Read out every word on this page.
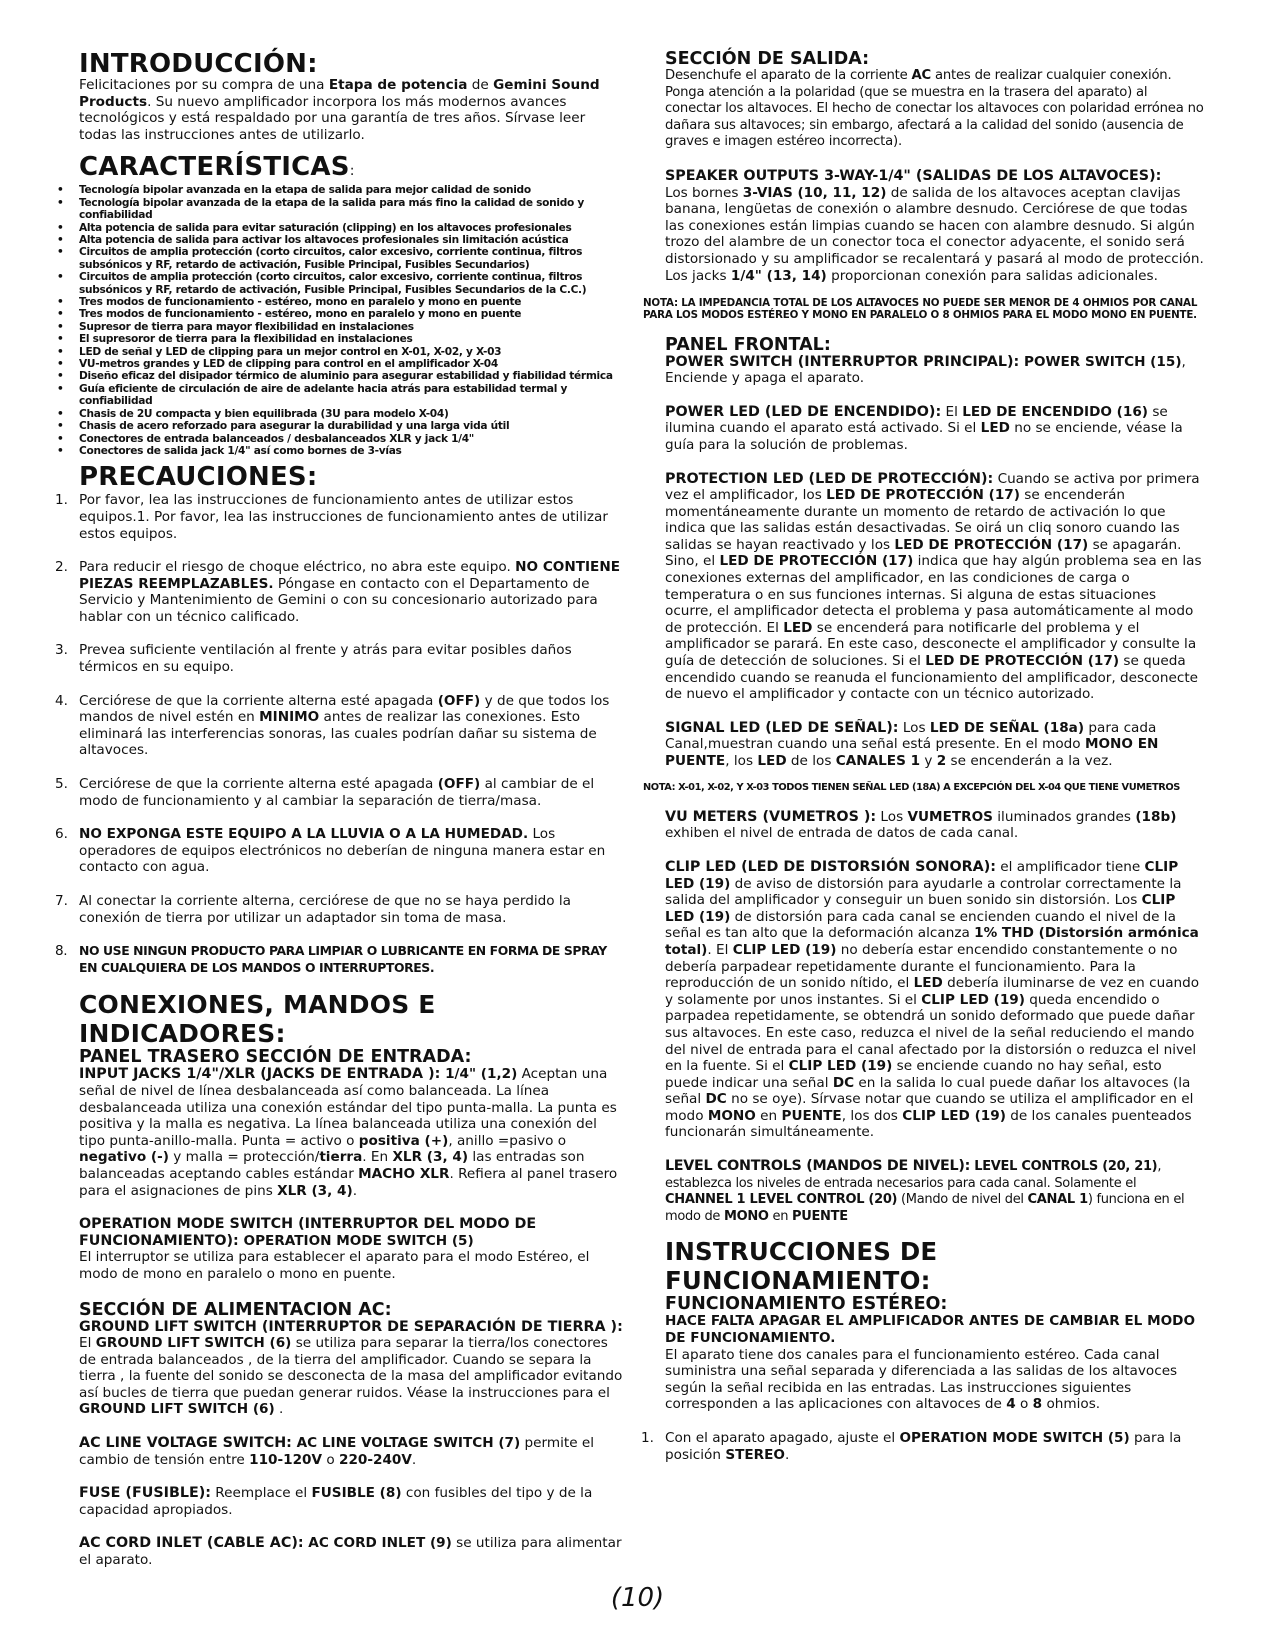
INTRODUCCIÓN:

Felicitaciones por su compra de una Etapa de potencia de Gemini Sound Products. Su nuevo amplificador incorpora los más modernos avances tecnológicos y está respaldado por una garantía de tres años. Sírvase leer todas las instrucciones antes de utilizarlo.

CARACTERÍSTICAS:
• Tecnología bipolar avanzada en la etapa de salida para mejor calidad de sonido
• Tecnología bipolar avanzada de la etapa de la salida para más fino la calidad de sonido y confiabilidad
• Alta potencia de salida para evitar saturación (clipping) en los altavoces profesionales
• Alta potencia de salida para activar los altavoces profesionales sin limitación acústica
• Circuitos de amplia protección (corto circuitos, calor excesivo, corriente continua, filtros subsónicos y RF, retardo de activación, Fusible Principal, Fusibles Secundarios)
• Circuitos de amplia protección (corto circuitos, calor excesivo, corriente continua, filtros subsónicos y RF, retardo de activación, Fusible Principal, Fusibles Secundarios de la C.C.)
• Tres modos de funcionamiento - estéreo, mono en paralelo y mono en puente
• Tres modos de funcionamiento - estéreo, mono en paralelo y mono en puente
• Supresor de tierra para mayor flexibilidad en instalaciones
• El supresoror de tierra para la flexibilidad en instalaciones
• LED de señal y LED de clipping para un mejor control en X-01, X-02, y X-03
• VU-metros grandes y LED de clipping para control en el amplificador X-04
• Diseño eficaz del disipador térmico de aluminio para asegurar estabilidad y fiabilidad térmica
• Guía eficiente de circulación de aire de adelante hacia atrás para estabilidad termal y confiabilidad
• Chasis de 2U compacta y bien equilibrada (3U para modelo X-04)
• Chasis de acero reforzado para asegurar la durabilidad y una larga vida útil
• Conectores de entrada balanceados / desbalanceados XLR y jack 1/4"
• Conectores de salida jack 1/4" así como bornes de 3-vías
PRECAUCIONES:
1. Por favor, lea las instrucciones de funcionamiento antes de utilizar estos equipos.1. Por favor, lea las instrucciones de funcionamiento antes de utilizar estos equipos.
2. Para reducir el riesgo de choque eléctrico, no abra este equipo. NO CONTIENE PIEZAS REEMPLAZABLES. Póngase en contacto con el Departamento de Servicio y Mantenimiento de Gemini o con su concesionario autorizado para hablar con un técnico calificado.
3. Prevea suficiente ventilación al frente y atrás para evitar posibles daños térmicos en su equipo.
4. Cerciórese de que la corriente alterna esté apagada (OFF) y de que todos los mandos de nivel estén en MINIMO antes de realizar las conexiones. Esto eliminará las interferencias sonoras, las cuales podrían dañar su sistema de altavoces.
5. Cerciórese de que la corriente alterna esté apagada (OFF) al cambiar de el modo de funcionamiento y al cambiar la separación de tierra/masa.
6. NO EXPONGA ESTE EQUIPO A LA LLUVIA O A LA HUMEDAD. Los operadores de equipos electrónicos no deberían de ninguna manera estar en contacto con agua.
7. Al conectar la corriente alterna, cerciórese de que no se haya perdido la conexión de tierra por utilizar un adaptador sin toma de masa.
8. NO USE NINGUN PRODUCTO PARA LIMPIAR O LUBRICANTE EN FORMA DE SPRAY EN CUALQUIERA DE LOS MANDOS O INTERRUPTORES.
CONEXIONES, MANDOS E INDICADORES:
PANEL TRASERO SECCIÓN DE ENTRADA:

INPUT JACKS 1/4"/XLR (JACKS DE ENTRADA ): 1/4" (1,2) Aceptan una señal de nivel de línea desbalanceada así como balanceada. La línea desbalanceada utiliza una conexión estándar del tipo punta-malla. La punta es positiva y la malla es negativa. La línea balanceada utiliza una conexión del tipo punta-anillo-malla. Punta = activo o positiva (+), anillo =pasivo o negativo (-) y malla = protección/tierra. En XLR (3, 4) las entradas son balanceadas aceptando cables estándar MACHO XLR. Refiera al panel trasero para el asignaciones de pins XLR (3, 4).

OPERATION MODE SWITCH (INTERRUPTOR DEL MODO DE FUNCIONAMIENTO): OPERATION MODE SWITCH (5)
El interruptor se utiliza para establecer el aparato para el modo Estéreo, el modo de mono en paralelo o mono en puente.

SECCIÓN DE ALIMENTACION AC:

GROUND LIFT SWITCH (INTERRUPTOR DE SEPARACIÓN DE TIERRA ): El GROUND LIFT SWITCH (6) se utiliza para separar la tierra/los conectores de entrada balanceados , de la tierra del amplificador. Cuando se separa la tierra , la fuente del sonido se desconecta de la masa del amplificador evitando así bucles de tierra que puedan generar ruidos. Véase la instrucciones para el GROUND LIFT SWITCH (6) .

AC LINE VOLTAGE SWITCH: AC LINE VOLTAGE SWITCH (7) permite el cambio de tensión entre 110-120V o 220-240V.

FUSE (FUSIBLE): Reemplace el FUSIBLE (8) con fusibles del tipo y de la capacidad apropiados.

AC CORD INLET (CABLE AC): AC CORD INLET (9) se utiliza para alimentar el aparato.

SECCIÓN DE SALIDA:

Desenchufe el aparato de la corriente AC antes de realizar cualquier conexión. Ponga atención a la polaridad (que se muestra en la trasera del aparato) al conectar los altavoces. El hecho de conectar los altavoces con polaridad errónea no dañara sus altavoces; sin embargo, afectará a la calidad del sonido (ausencia de graves e imagen estéreo incorrecta).

SPEAKER OUTPUTS 3-WAY-1/4" (SALIDAS DE LOS ALTAVOCES):
Los bornes 3-VIAS (10, 11, 12) de salida de los altavoces aceptan clavijas banana, lengüetas de conexión o alambre desnudo. Cerciórese de que todas las conexiones están limpias cuando se hacen con alambre desnudo. Si algún trozo del alambre de un conector toca el conector adyacente, el sonido será distorsionado y su amplificador se recalentará y pasará al modo de protección. Los jacks 1/4" (13, 14) proporcionan conexión para salidas adicionales.

NOTA: LA IMPEDANCIA TOTAL DE LOS ALTAVOCES NO PUEDE SER MENOR DE 4 OHMIOS POR CANAL PARA LOS MODOS ESTÉREO Y MONO EN PARALELO O 8 OHMIOS PARA EL MODO MONO EN PUENTE.

PANEL FRONTAL:

POWER SWITCH (INTERRUPTOR PRINCIPAL): POWER SWITCH (15), Enciende y apaga el aparato.

POWER LED (LED DE ENCENDIDO): El LED DE ENCENDIDO (16) se ilumina cuando el aparato está activado. Si el LED no se enciende, véase la guía para la solución de problemas.

PROTECTION LED (LED DE PROTECCIÓN): Cuando se activa por primera vez el amplificador, los LED DE PROTECCIÓN (17) se encenderán momentáneamente durante un momento de retardo de activación lo que indica que las salidas están desactivadas. Se oirá un cliq sonoro cuando las salidas se hayan reactivado y los LED DE PROTECCIÓN (17) se apagarán. Sino, el LED DE PROTECCIÓN (17) indica que hay algún problema sea en las conexiones externas del amplificador, en las condiciones de carga o temperatura o en sus funciones internas. Si alguna de estas situaciones ocurre, el amplificador detecta el problema y pasa automáticamente al modo de protección. El LED se encenderá para notificarle del problema y el amplificador se parará. En este caso, desconecte el amplificador y consulte la guía de detección de soluciones. Si el LED DE PROTECCIÓN (17) se queda encendido cuando se reanuda el funcionamiento del amplificador, desconecte de nuevo el amplificador y contacte con un técnico autorizado.

SIGNAL LED (LED DE SEÑAL): Los LED DE SEÑAL (18a) para cada Canal,muestran cuando una señal está presente. En el modo MONO EN PUENTE, los LED de los CANALES 1 y 2 se encenderán a la vez.

NOTA: X-01, X-02, Y X-03 TODOS TIENEN SEÑAL LED (18A) A EXCEPCIÓN DEL X-04 QUE TIENE VUMETROS

VU METERS (VUMETROS ): Los VUMETROS iluminados grandes (18b) exhiben el nivel de entrada de datos de cada canal.

CLIP LED (LED DE DISTORSIÓN SONORA): el amplificador tiene CLIP LED (19) de aviso de distorsión para ayudarle a controlar correctamente la salida del amplificador y conseguir un buen sonido sin distorsión. Los CLIP LED (19) de distorsión para cada canal se encienden cuando el nivel de la señal es tan alto que la deformación alcanza 1% THD (Distorsión armónica total). El CLIP LED (19) no debería estar encendido constantemente o no debería parpadear repetidamente durante el funcionamiento. Para la reproducción de un sonido nítido, el LED debería iluminarse de vez en cuando y solamente por unos instantes. Si el CLIP LED (19) queda encendido o parpadea repetidamente, se obtendrá un sonido deformado que puede dañar sus altavoces. En este caso, reduzca el nivel de la señal reduciendo el mando del nivel de entrada para el canal afectado por la distorsión o reduzca el nivel en la fuente. Si el CLIP LED (19) se enciende cuando no hay señal, esto puede indicar una señal DC en la salida lo cual puede dañar los altavoces (la señal DC no se oye). Sírvase notar que cuando se utiliza el amplificador en el modo MONO en PUENTE, los dos CLIP LED (19) de los canales puenteados funcionarán simultáneamente.

LEVEL CONTROLS (MANDOS DE NIVEL): LEVEL CONTROLS (20, 21), establezca los niveles de entrada necesarios para cada canal. Solamente el CHANNEL 1 LEVEL CONTROL (20) (Mando de nivel del CANAL 1) funciona en el modo de MONO en PUENTE

INSTRUCCIONES DE FUNCIONAMIENTO:
FUNCIONAMIENTO ESTÉREO:

HACE FALTA APAGAR EL AMPLIFICADOR ANTES DE CAMBIAR EL MODO DE FUNCIONAMIENTO.

El aparato tiene dos canales para el funcionamiento estéreo. Cada canal suministra una señal separada y diferenciada a las salidas de los altavoces según la señal recibida en las entradas. Las instrucciones siguientes corresponden a las aplicaciones con altavoces de 4 o 8 ohmios.

1. Con el aparato apagado, ajuste el OPERATION MODE SWITCH (5) para la posición STEREO.
(10)
